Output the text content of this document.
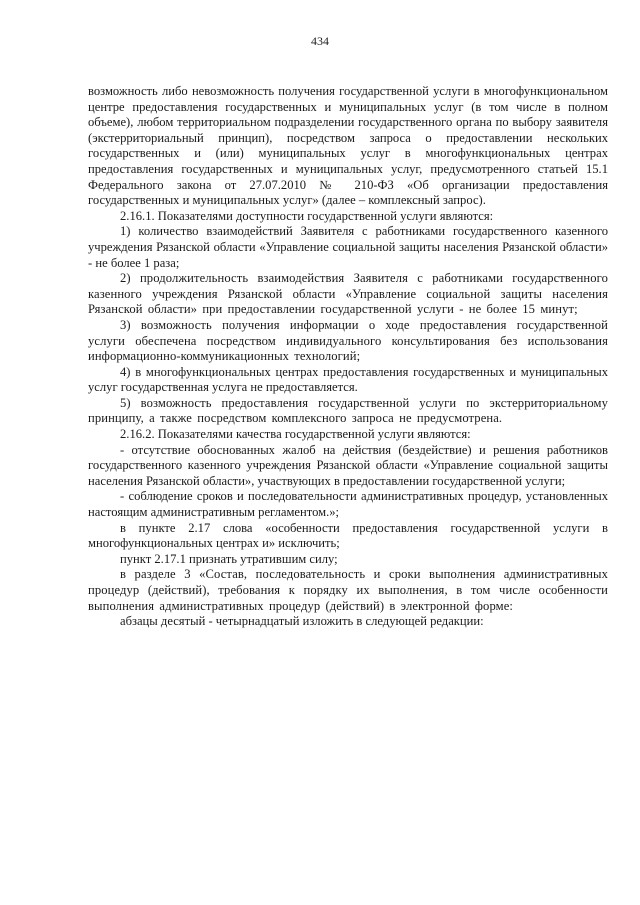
434

возможность либо невозможность получения государственной услуги в многофункциональном центре предоставления государственных и муниципальных услуг (в том числе в полном объеме), любом территориальном подразделении государственного органа по выбору заявителя (экстерриториальный принцип), посредством запроса о предоставлении нескольких государственных и (или) муниципальных услуг в многофункциональных центрах предоставления государственных и муниципальных услуг, предусмотренного статьей 15.1 Федерального закона от 27.07.2010 № 210-ФЗ «Об организации предоставления государственных и муниципальных услуг» (далее – комплексный запрос).

2.16.1. Показателями доступности государственной услуги являются:

1) количество взаимодействий Заявителя с работниками государственного казенного учреждения Рязанской области «Управление социальной защиты населения Рязанской области» - не более 1 раза;

2) продолжительность взаимодействия Заявителя с работниками государственного казенного учреждения Рязанской области «Управление социальной защиты населения Рязанской области» при предоставлении государственной услуги - не более 15 минут;

3) возможность получения информации о ходе предоставления государственной услуги обеспечена посредством индивидуального консультирования без использования информационно-коммуникационных технологий;

4) в многофункциональных центрах предоставления государственных и муниципальных услуг государственная услуга не предоставляется.

5) возможность предоставления государственной услуги по экстерриториальному принципу, а также посредством комплексного запроса не предусмотрена.

2.16.2. Показателями качества государственной услуги являются:

- отсутствие обоснованных жалоб на действия (бездействие) и решения работников государственного казенного учреждения Рязанской области «Управление социальной защиты населения Рязанской области», участвующих в предоставлении государственной услуги;

- соблюдение сроков и последовательности административных процедур, установленных настоящим административным регламентом.»;

в пункте 2.17 слова «особенности предоставления государственной услуги в многофункциональных центрах и» исключить;

пункт 2.17.1 признать утратившим силу;

в разделе 3 «Состав, последовательность и сроки выполнения административных процедур (действий), требования к порядку их выполнения, в том числе особенности выполнения административных процедур (действий) в электронной форме:

абзацы десятый - четырнадцатый изложить в следующей редакции:
